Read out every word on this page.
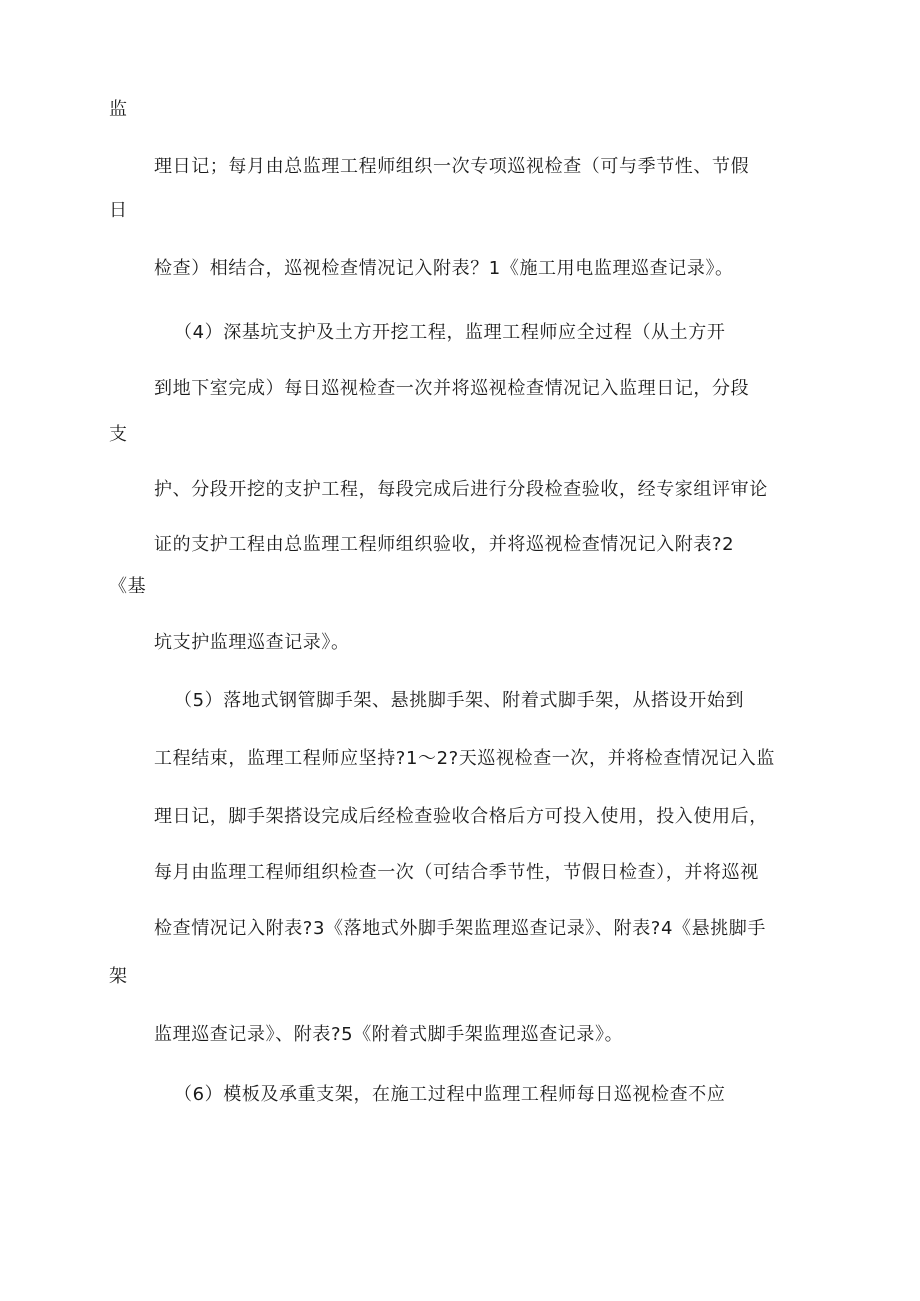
监
理日记；每月由总监理工程师组织一次专项巡视检查（可与季节性、节假
日
检查）相结合，巡视检查情况记入附表？1《施工用电监理巡查记录》。
（4）深基坑支护及土方开挖工程，监理工程师应全过程（从土方开
到地下室完成）每日巡视检查一次并将巡视检查情况记入监理日记，分段
支
护、分段开挖的支护工程，每段完成后进行分段检查验收，经专家组评审论
证的支护工程由总监理工程师组织验收，并将巡视检查情况记入附表?2
《基
坑支护监理巡查记录》。
（5）落地式钢管脚手架、悬挑脚手架、附着式脚手架，从搭设开始到
工程结束，监理工程师应坚持?1～2?天巡视检查一次，并将检查情况记入监
理日记，脚手架搭设完成后经检查验收合格后方可投入使用，投入使用后，
每月由监理工程师组织检查一次（可结合季节性，节假日检查），并将巡视
检查情况记入附表?3《落地式外脚手架监理巡查记录》、附表?4《悬挑脚手
架
监理巡查记录》、附表?5《附着式脚手架监理巡查记录》。
（6）模板及承重支架，在施工过程中监理工程师每日巡视检查不应
